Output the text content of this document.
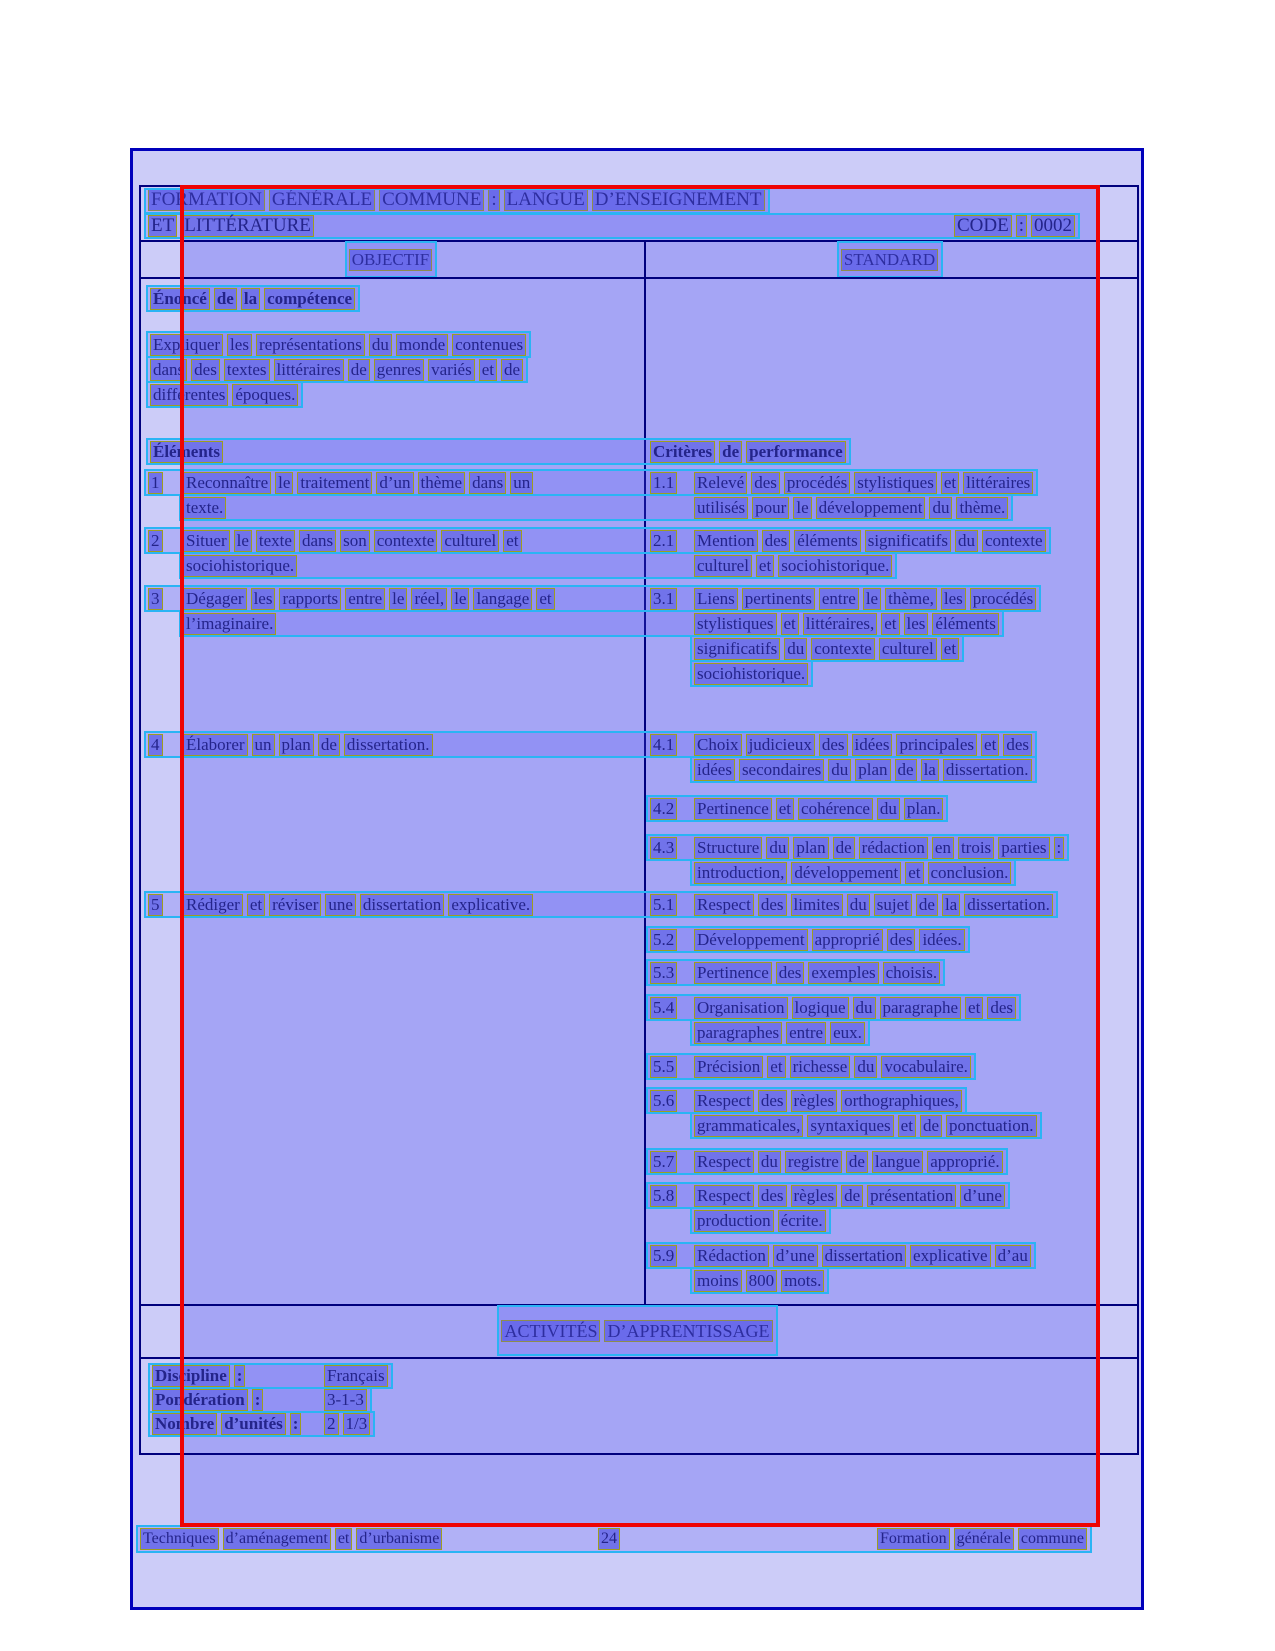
FORMATION GÉNÉRALE COMMUNE : LANGUE D’ENSEIGNEMENT
ET LITTÉRATURE	CODE : 0002
OBJECTIF	STANDARD
Énoncé de la compétence
Expliquer les représentations du monde contenues
dans des textes littéraires de genres variés et de
différentes époques.
Éléments	Critères de performance
1 Reconnaître le traitement d’un thème dans un	1.1 Relevé des procédés stylistiques et littéraires
texte.	utilisés pour le développement du thème.
2 Situer le texte dans son contexte culturel et	2.1 Mention des éléments significatifs du contexte
sociohistorique.	culturel et sociohistorique.
3 Dégager les rapports entre le réel, le langage et	3.1 Liens pertinents entre le thème, les procédés
l’imaginaire.	stylistiques et littéraires, et les éléments
significatifs du contexte culturel et
sociohistorique.
4 Élaborer un plan de dissertation.	4.1 Choix judicieux des idées principales et des
idées secondaires du plan de la dissertation.
4.2 Pertinence et cohérence du plan.
4.3 Structure du plan de rédaction en trois parties :
introduction, développement et conclusion.
5 Rédiger et réviser une dissertation explicative.	5.1 Respect des limites du sujet de la dissertation.
5.2 Développement approprié des idées.
5.3 Pertinence des exemples choisis.
5.4 Organisation logique du paragraphe et des
paragraphes entre eux.
5.5 Précision et richesse du vocabulaire.
5.6 Respect des règles orthographiques,
grammaticales, syntaxiques et de ponctuation.
5.7 Respect du registre de langue approprié.
5.8 Respect des règles de présentation d’une
production écrite.
5.9 Rédaction d’une dissertation explicative d’au
moins 800 mots.
ACTIVITÉS D’APPRENTISSAGE
Discipline :	Français
Pondération :	3-1-3
Nombre d’unités : 2 1/3
Techniques d’aménagement et d’urbanisme	24	Formation générale commune
